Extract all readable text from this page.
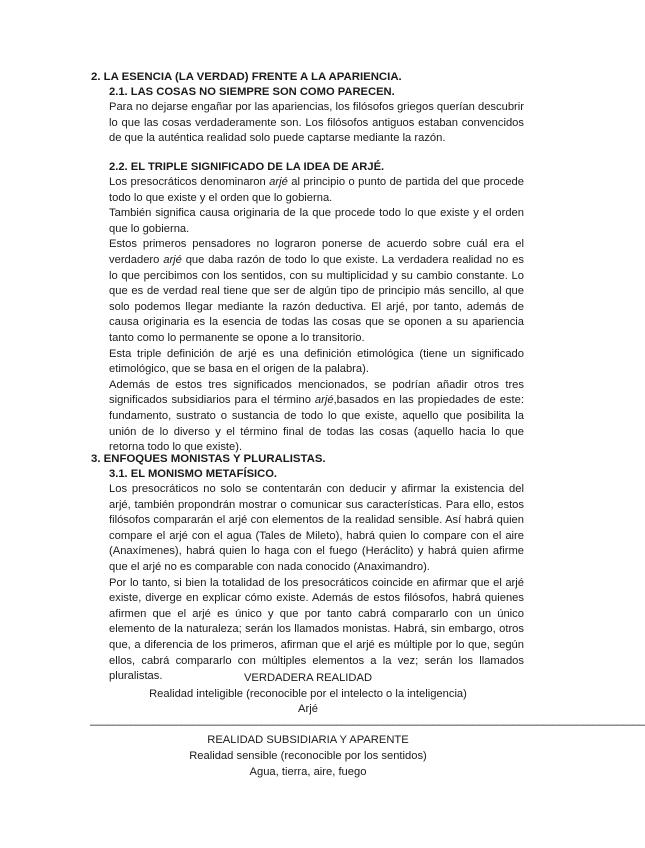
2. LA ESENCIA (LA VERDAD) FRENTE A LA APARIENCIA.
2.1. LAS COSAS NO SIEMPRE SON COMO PARECEN.

Para no dejarse engañar por las apariencias, los filósofos griegos querían descubrir lo que las cosas verdaderamente son. Los filósofos antiguos estaban convencidos de que la auténtica realidad solo puede captarse mediante la razón.

2.2. EL TRIPLE SIGNIFICADO DE LA IDEA DE ARJÉ.

Los presocráticos denominaron arjé al principio o punto de partida del que procede todo lo que existe y el orden que lo gobierna.

También significa causa originaria de la que procede todo lo que existe y el orden que lo gobierna.

Estos primeros pensadores no lograron ponerse de acuerdo sobre cuál era el verdadero arjé que daba razón de todo lo que existe. La verdadera realidad no es lo que percibimos con los sentidos, con su multiplicidad y su cambio constante. Lo que es de verdad real tiene que ser de algún tipo de principio más sencillo, al que solo podemos llegar mediante la razón deductiva. El arjé, por tanto, además de causa originaria es la esencia de todas las cosas que se oponen a su apariencia tanto como lo permanente se opone a lo transitorio.

Esta triple definición de arjé es una definición etimológica (tiene un significado etimológico, que se basa en el origen de la palabra).

Además de estos tres significados mencionados, se podrían añadir otros tres significados subsidiarios para el término arjé,basados en las propiedades de este: fundamento, sustrato o sustancia de todo lo que existe, aquello que posibilita la unión de lo diverso y el término final de todas las cosas (aquello hacia lo que retorna todo lo que existe).

3. ENFOQUES MONISTAS Y PLURALISTAS.
3.1. EL MONISMO METAFÍSICO.

Los presocráticos no solo se contentarán con deducir y afirmar la existencia del arjé, también propondrán mostrar o comunicar sus características. Para ello, estos filósofos compararán el arjé con elementos de la realidad sensible. Así habrá quien compare el arjé con el agua (Tales de Mileto), habrá quien lo compare con el aire (Anaxímenes), habrá quien lo haga con el fuego (Heráclito) y habrá quien afirme que el arjé no es comparable con nada conocido (Anaximandro).

Por lo tanto, si bien la totalidad de los presocráticos coincide en afirmar que el arjé existe, diverge en explicar cómo existe. Además de estos filósofos, habrá quienes afirmen que el arjé es único y que por tanto cabrá compararlo con un único elemento de la naturaleza; serán los llamados monistas. Habrá, sin embargo, otros que, a diferencia de los primeros, afirman que el arjé es múltiple por lo que, según ellos, cabrá compararlo con múltiples elementos a la vez; serán los llamados pluralistas.	VERDADERA REALIDAD
Realidad inteligible (reconocible por el intelecto o la inteligencia)
Arjé
–––––––––––––––––––––––––––––––––––––––––––––––––––––––––––––––––––––––––––––––––––––––––––––––––
REALIDAD SUBSIDIARIA Y APARENTE
Realidad sensible (reconocible por los sentidos)
Agua, tierra, aire, fuego
